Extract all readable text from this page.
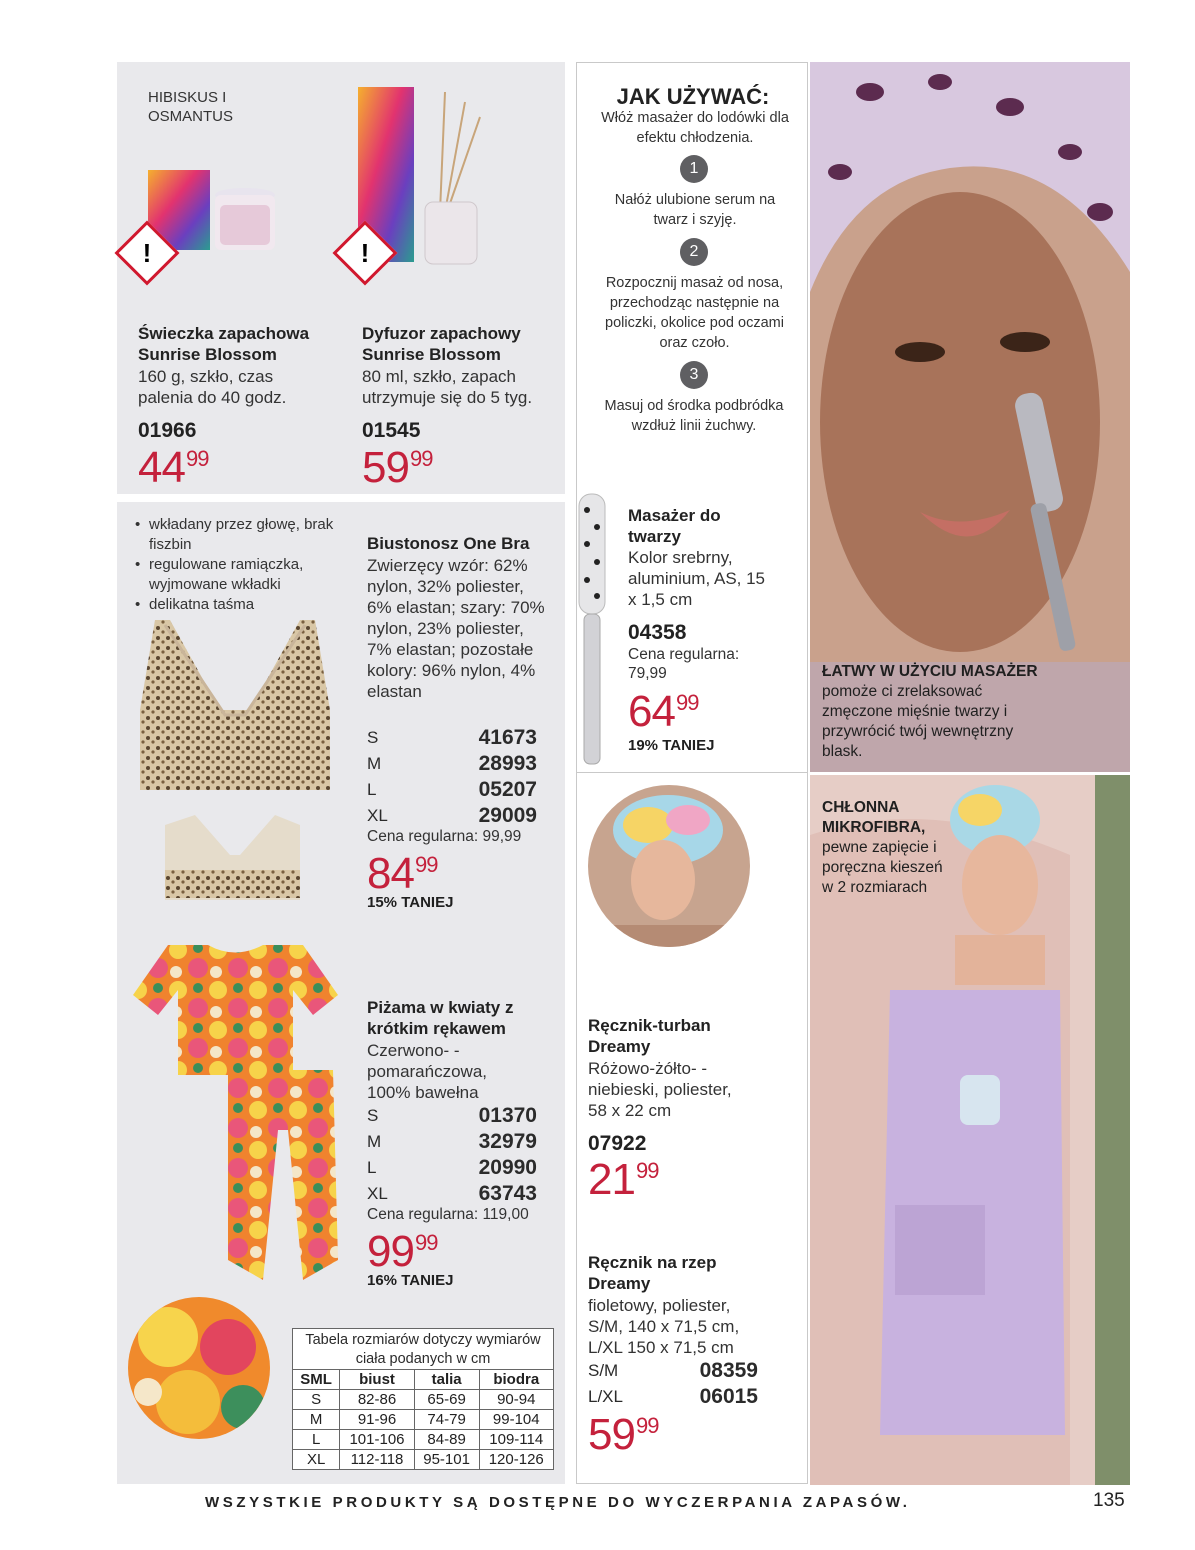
HIBISKUS I OSMANTUS
!	!
Świeczka zapachowa Sunrise Blossom
160 g, szkło, czas palenia do 40 godz.
01966
$44^{99}$
Dyfuzor zapachowy Sunrise Blossom
80 ml, szkło, zapach utrzymuje się do 5 tyg.
01545
$59^{99}$
• wkładany przez głowę, brak fiszbin
• regulowane ramiączka, wyjmowane wkładki
• delikatna taśma
Biustonosz One Bra
Zwierzęcy wzór: 62% nylon, 32% poliester, 6% elastan; szary: 70% nylon, 23% poliester, 7% elastan; pozostałe kolory: 96% nylon, 4% elastan
S	41673
M	28993
L	05207
XL	29009
Cena regularna: 99,99
$84^{99}$
15% TANIEJ
Piżama w kwiaty z krótkim rękawem
Czerwono- -pomarańczowa, 100% bawełna
S	01370
M	32979
L	20990
XL	63743
Cena regularna: 119,00
$99^{99}$
16% TANIEJ
Tabela rozmiarów dotyczy wymiarów ciała podanych w cm
SML	biust	talia	biodra
S	82-86	65-69	90-94
M	91-96	74-79	99-104
L	101-106	84-89	109-114
XL	112-118	95-101	120-126
JAK UŻYWAĆ:
Włóż masażer do lodówki dla efektu chłodzenia.
1
Nałóż ulubione serum na twarz i szyję.
2
Rozpocznij masaż od nosa, przechodząc następnie na policzki, okolice pod oczami oraz czoło.
3
Masuj od środka podbródka wzdłuż linii żuchwy.
Masażer do twarzy
Kolor srebrny, aluminium, AS, 15 x 1,5 cm
04358
Cena regularna:
79,99
$64^{99}$
19% TANIEJ
Ręcznik-turban Dreamy
Różowo-żółto- -niebieski, poliester, 58 x 22 cm
07922
$21^{99}$
Ręcznik na rzep Dreamy
fioletowy, poliester, S/M, 140 x 71,5 cm, L/XL 150 x 71,5 cm
S/M	08359
L/XL	06015
$59^{99}$
ŁATWY W UŻYCIU MASAŻER pomoże ci zrelaksować zmęczone mięśnie twarzy i przywrócić twój wewnętrzny blask.
CHŁONNA MIKROFIBRA, pewne zapięcie i poręczna kieszeń w 2 rozmiarach
WSZYSTKIE PRODUKTY SĄ DOSTĘPNE DO WYCZERPANIA ZAPASÓW.	135
